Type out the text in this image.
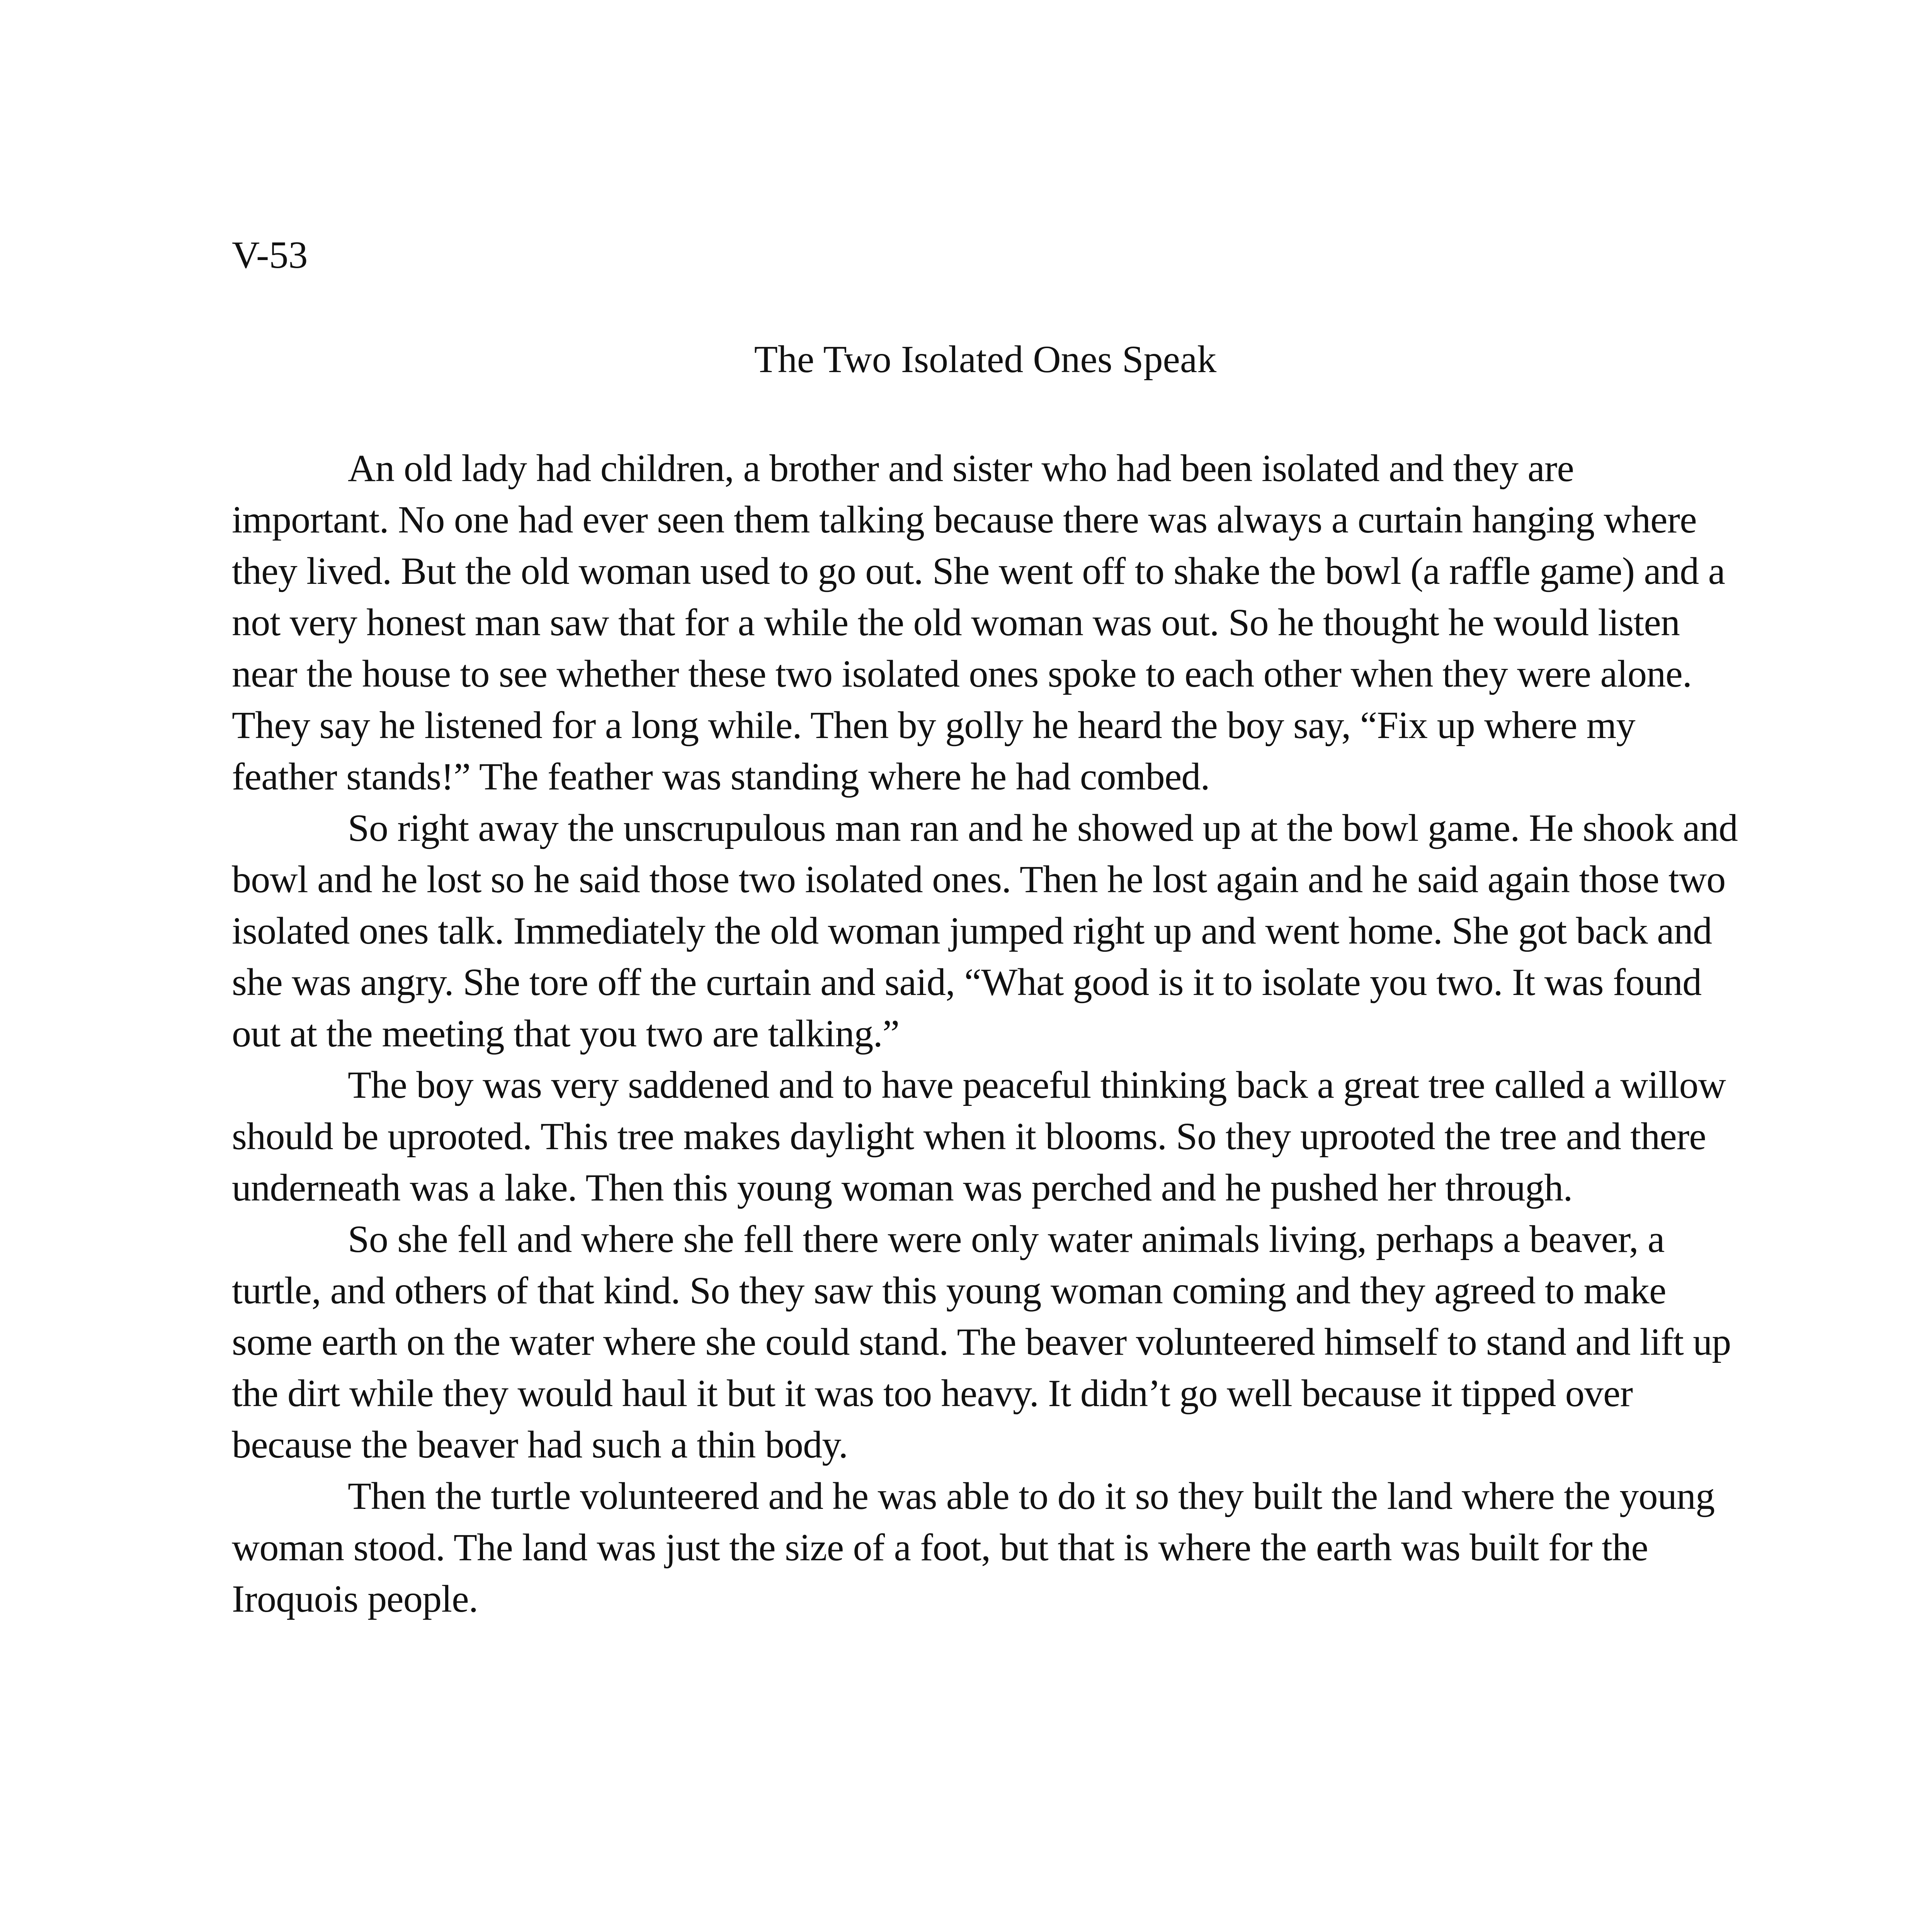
V-53
The Two Isolated Ones Speak

An old lady had children, a brother and sister who had been isolated and they are important. No one had ever seen them talking because there was always a curtain hanging where they lived. But the old woman used to go out. She went off to shake the bowl (a raffle game) and a not very honest man saw that for a while the old woman was out. So he thought he would listen near the house to see whether these two isolated ones spoke to each other when they were alone. They say he listened for a long while. Then by golly he heard the boy say, “Fix up where my feather stands!” The feather was standing where he had combed.

So right away the unscrupulous man ran and he showed up at the bowl game. He shook and bowl and he lost so he said those two isolated ones. Then he lost again and he said again those two isolated ones talk. Immediately the old woman jumped right up and went home. She got back and she was angry. She tore off the curtain and said, “What good is it to isolate you two. It was found out at the meeting that you two are talking.”

The boy was very saddened and to have peaceful thinking back a great tree called a willow should be uprooted. This tree makes daylight when it blooms. So they uprooted the tree and there underneath was a lake. Then this young woman was perched and he pushed her through.

So she fell and where she fell there were only water animals living, perhaps a beaver, a turtle, and others of that kind. So they saw this young woman coming and they agreed to make some earth on the water where she could stand. The beaver volunteered himself to stand and lift up the dirt while they would haul it but it was too heavy. It didn’t go well because it tipped over because the beaver had such a thin body.

Then the turtle volunteered and he was able to do it so they built the land where the young woman stood. The land was just the size of a foot, but that is where the earth was built for the Iroquois people.
